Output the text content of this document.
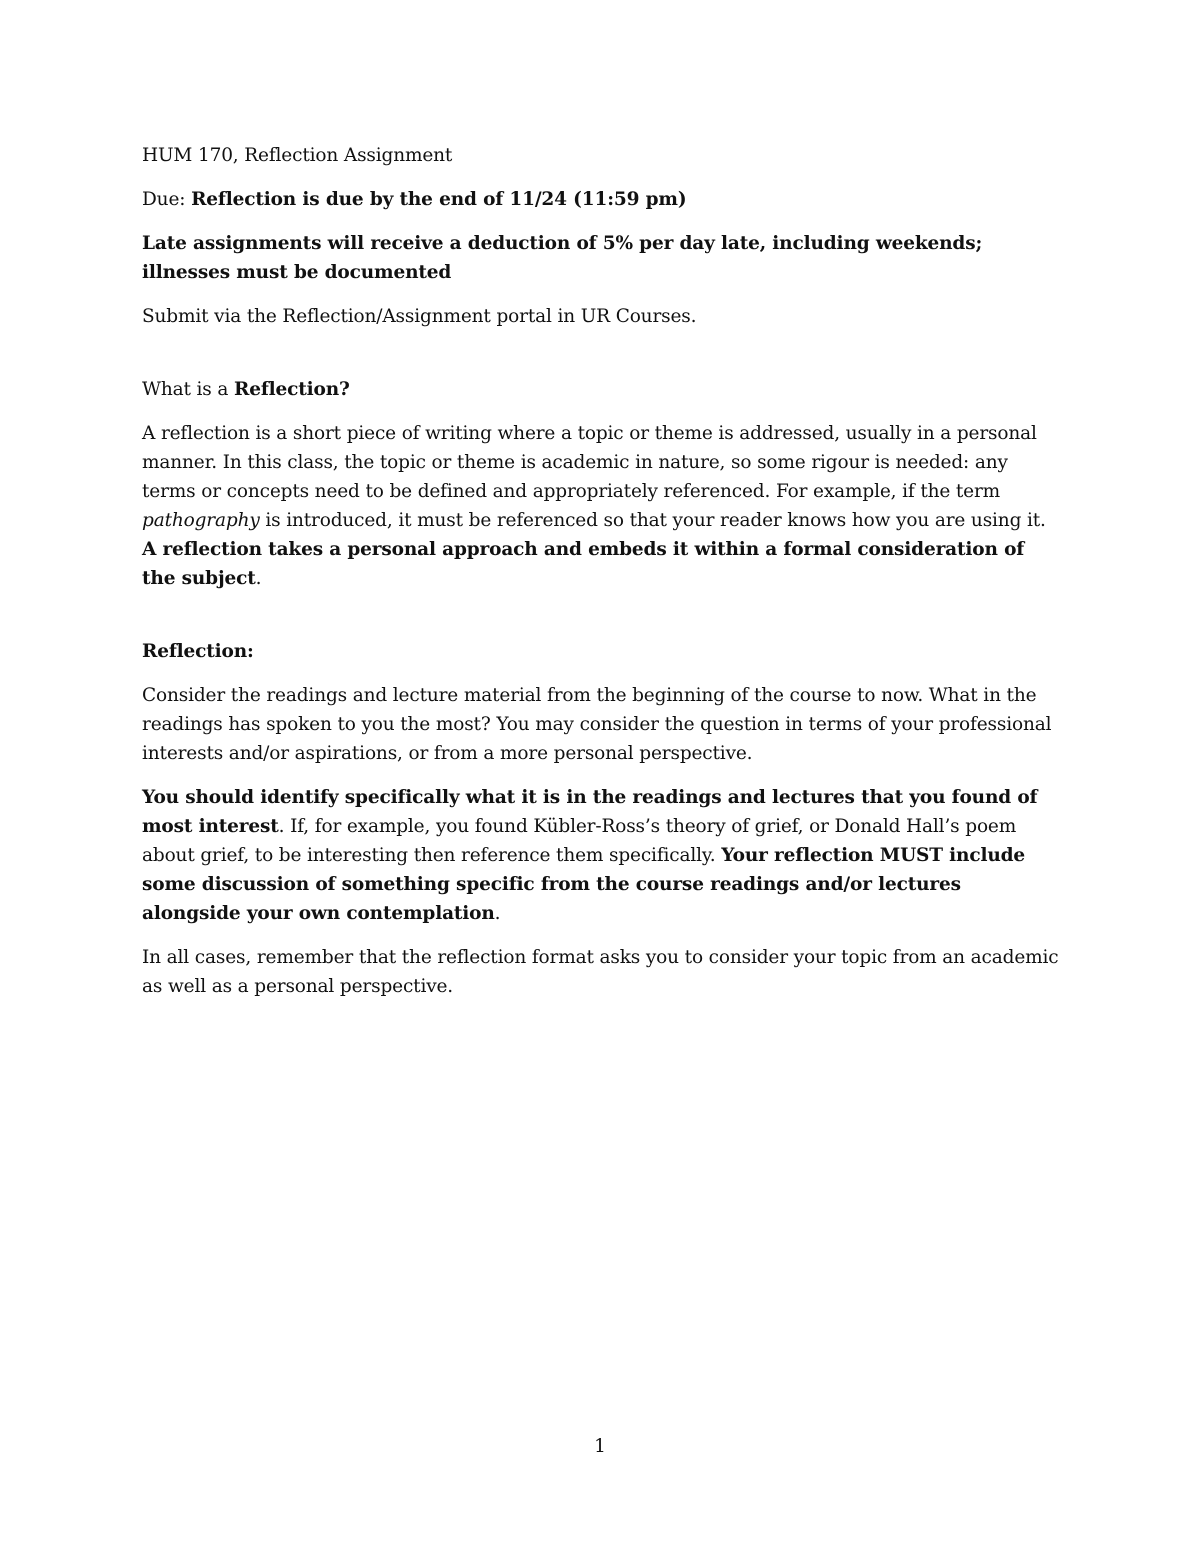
HUM 170, Reflection Assignment

Due: Reflection is due by the end of 11/24 (11:59 pm)

Late assignments will receive a deduction of 5% per day late, including weekends; illnesses must be documented

Submit via the Reflection/Assignment portal in UR Courses.

What is a Reflection?

A reflection is a short piece of writing where a topic or theme is addressed, usually in a personal manner. In this class, the topic or theme is academic in nature, so some rigour is needed: any terms or concepts need to be defined and appropriately referenced. For example, if the term pathography is introduced, it must be referenced so that your reader knows how you are using it. A reflection takes a personal approach and embeds it within a formal consideration of the subject.

Reflection:

Consider the readings and lecture material from the beginning of the course to now. What in the readings has spoken to you the most? You may consider the question in terms of your professional interests and/or aspirations, or from a more personal perspective.

You should identify specifically what it is in the readings and lectures that you found of most interest. If, for example, you found Kübler-Ross’s theory of grief, or Donald Hall’s poem about grief, to be interesting then reference them specifically. Your reflection MUST include some discussion of something specific from the course readings and/or lectures alongside your own contemplation.

In all cases, remember that the reflection format asks you to consider your topic from an academic as well as a personal perspective.

1
